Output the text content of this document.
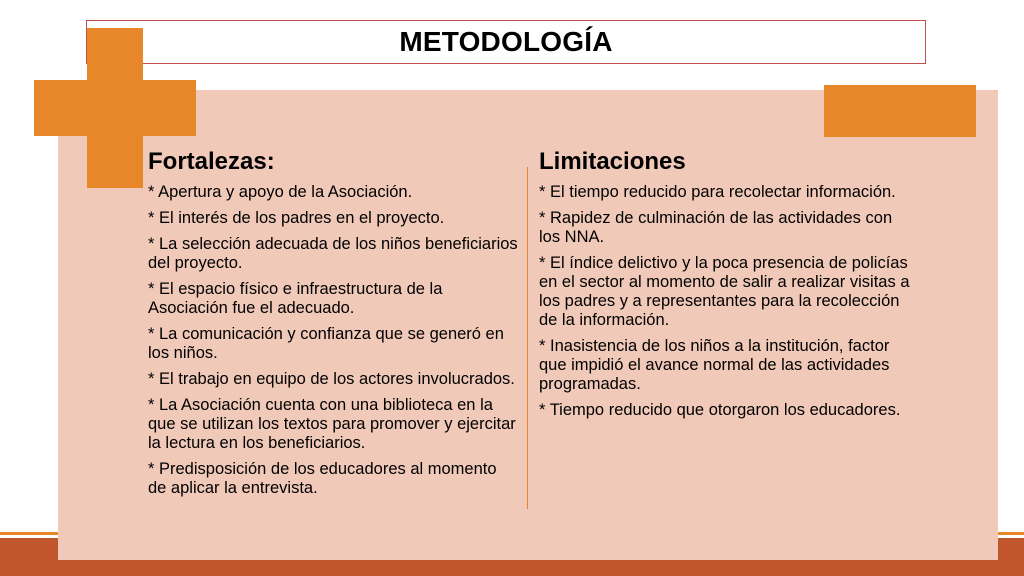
METODOLOGÍA
Fortalezas:

* Apertura y apoyo de la Asociación.

* El interés de los padres en el proyecto.

* La selección adecuada de los niños beneficiarios del proyecto.

* El espacio físico e infraestructura de la Asociación fue el adecuado.

* La comunicación y confianza que se generó en los niños.

* El trabajo en equipo de los actores involucrados.

* La Asociación cuenta con una biblioteca en la que se utilizan los textos para promover y ejercitar la lectura en los beneficiarios.

* Predisposición de los educadores al momento de aplicar la entrevista.

Limitaciones

* El tiempo reducido para recolectar información.

* Rapidez de culminación de las actividades con los NNA.

* El índice delictivo y la poca presencia de policías en el sector al momento de salir a realizar visitas a los padres y a representantes para la recolección de la información.

* Inasistencia de los niños a la institución, factor que impidió el avance normal de las actividades programadas.

* Tiempo reducido que otorgaron los educadores.
